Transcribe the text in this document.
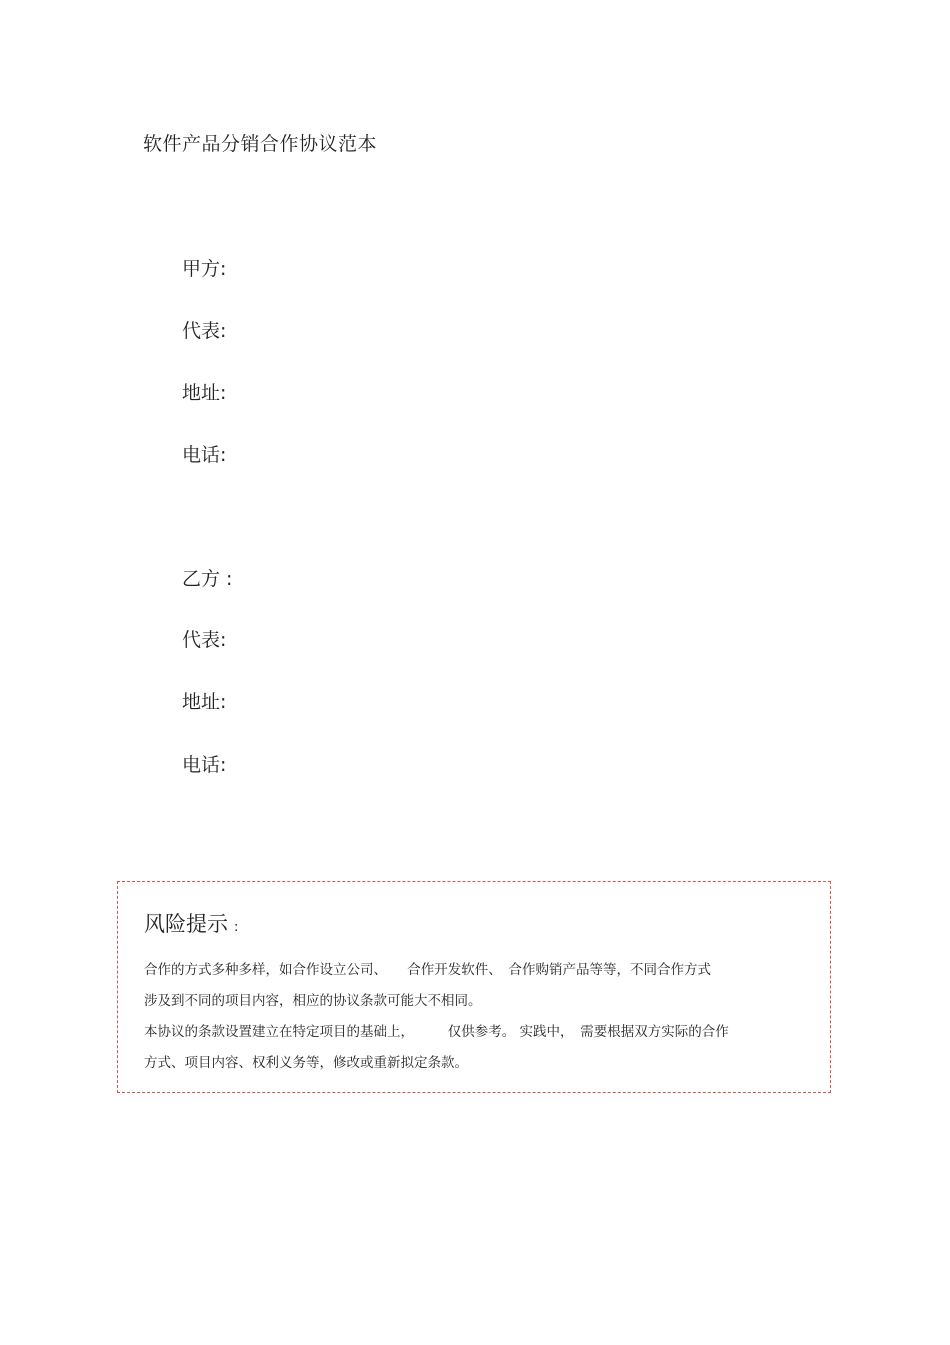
软件产品分销合作协议范本
甲方:
代表:
地址:
电话:
乙方 :
代表:
地址:
电话:
风险提示 :
合作的方式多种多样，如合作设立公司、　　合作开发软件、　合作购销产品等等，不同合作方式
涉及到不同的项目内容，相应的协议条款可能大不相同。
本协议的条款设置建立在特定项目的基础上，　　　仅供参考。 实践中，　需要根据双方实际的合作
方式、项目内容、权利义务等，修改或重新拟定条款。
